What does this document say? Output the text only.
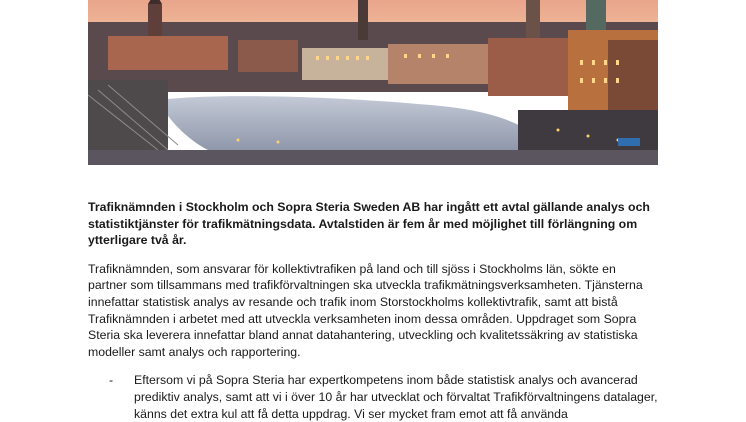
Trafiknämnden i Stockholm och Sopra Steria Sweden AB har ingått ett avtal gällande analys och statistiktjänster för trafikmätningsdata. Avtalstiden är fem år med möjlighet till förlängning om ytterligare två år.

Trafiknämnden, som ansvarar för kollektivtrafiken på land och till sjöss i Stockholms län, sökte en partner som tillsammans med trafikförvaltningen ska utveckla trafikmätningsverksamheten. Tjänsterna innefattar statistisk analys av resande och trafik inom Storstockholms kollektivtrafik, samt att bistå Trafiknämnden i arbetet med att utveckla verksamheten inom dessa områden. Uppdraget som Sopra Steria ska leverera innefattar bland annat datahantering, utveckling och kvalitetssäkring av statistiska modeller samt analys och rapportering.

- Eftersom vi på Sopra Steria har expertkompetens inom både statistisk analys och avancerad prediktiv analys, samt att vi i över 10 år har utvecklat och förvaltat Trafikförvaltningens datalager, känns det extra kul att få detta uppdrag. Vi ser mycket fram emot att få använda
